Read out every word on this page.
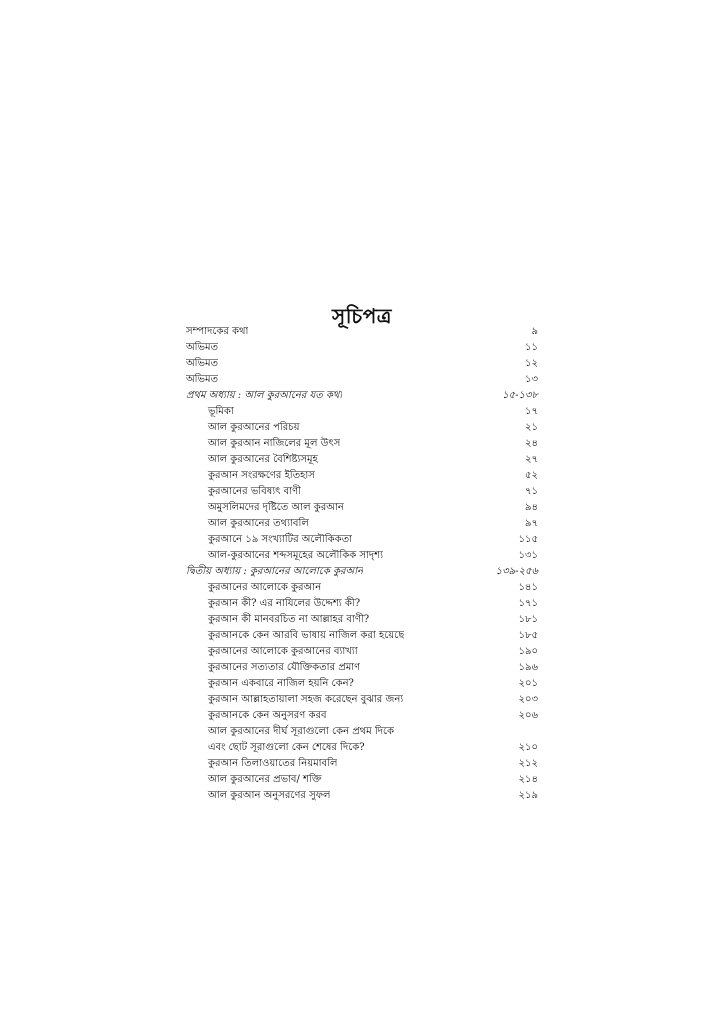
সূচিপত্র
সম্পাদকের কথা	৯
অভিমত	১১
অভিমত	১২
অভিমত	১৩
প্রথম অধ্যায় : আল কুরআনের যত কথা	১৫-১৩৮
ভূমিকা	১৭
আল কুরআনের পরিচয়	২১
আল কুরআন নাজিলের মূল উৎস	২৪
আল কুরআনের বৈশিষ্ট্যসমূহ	২৭
কুরআন সংরক্ষণের ইতিহাস	৫২
কুরআনের ভবিষ্যৎ বাণী	৭১
অমুসলিমদের দৃষ্টিতে আল কুরআন	৯৪
আল কুরআনের তথ্যাবলি	৯৭
কুরআনে ১৯ সংখ্যাটির অলৌকিকতা	১১৫
আল-কুরআনের শব্দসমূহের অলৌকিক সাদৃশ্য	১৩১
দ্বিতীয় অধ্যায় : কুরআনের আলোকে কুরআন	১৩৯-২৫৬
কুরআনের আলোকে কুরআন	১৪১
কুরআন কী? এর নাযিলের উদ্দেশ্য কী?	১৭১
কুরআন কী মানবরচিত না আল্লাহর বাণী?	১৮১
কুরআনকে কেন আরবি ভাষায় নাজিল করা হয়েছে	১৮৫
কুরআনের আলোকে কুরআনের ব্যাখ্যা	১৯০
কুরআনের সত্যতার যৌক্তিকতার প্রমাণ	১৯৬
কুরআন একবারে নাজিল হয়নি কেন?	২০১
কুরআন আল্লাহতায়ালা সহজ করেছেন বুঝার জন্য	২০৩
কুরআনকে কেন অনুসরণ করব	২০৬
আল কুরআনের দীর্ঘ সূরাগুলো কেন প্রথম দিকে
এবং ছোট সূরাগুলো কেন শেষের দিকে?	২১০
কুরআন তিলাওয়াতের নিয়মাবলি	২১২
আল কুরআনের প্রভাব/ শক্তি	২১৪
আল কুরআন অনুসরণের সুফল	২১৯
